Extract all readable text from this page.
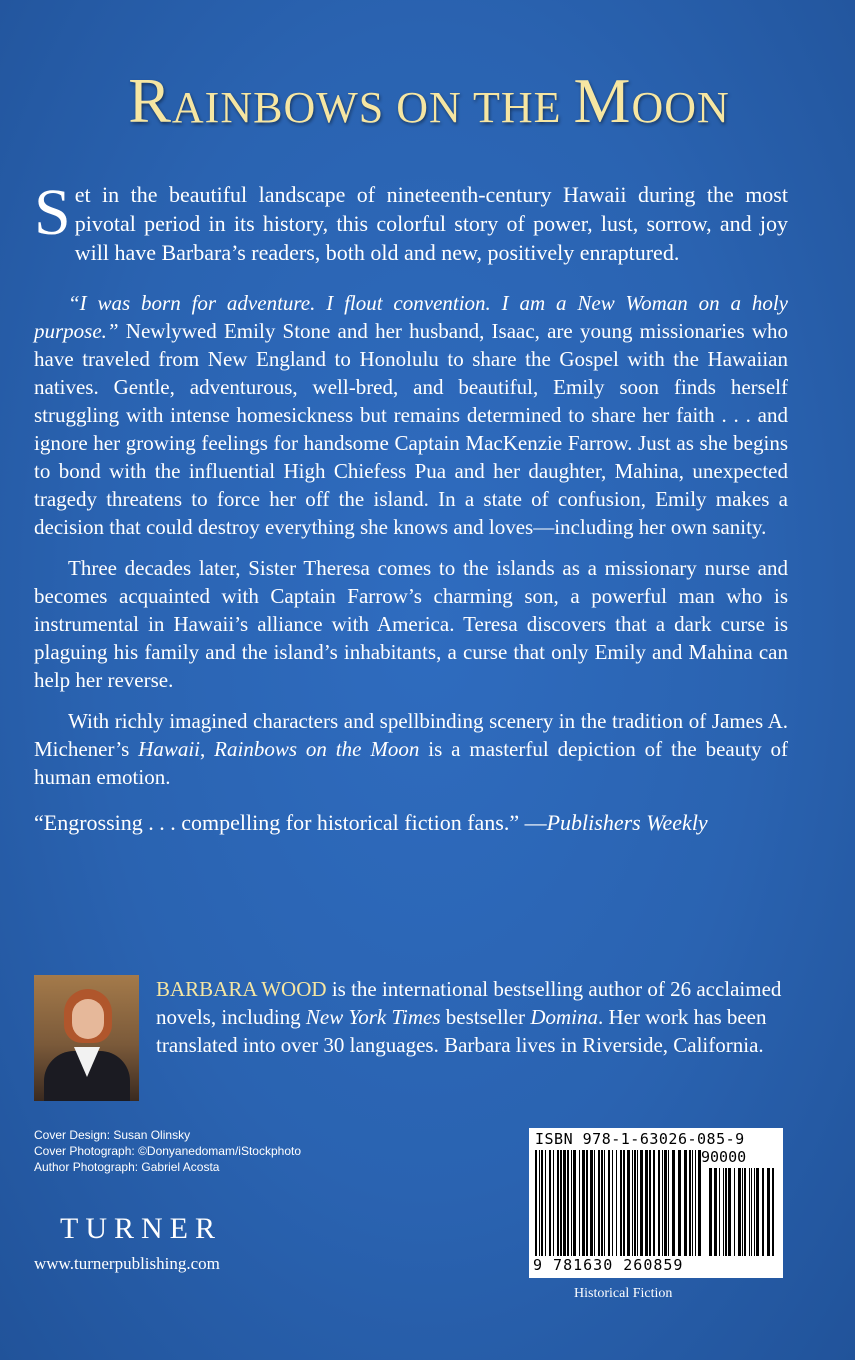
RAINBOWS ON THE MOON

Set in the beautiful landscape of nineteenth-century Hawaii during the most pivotal period in its history, this colorful story of power, lust, sorrow, and joy will have Barbara’s readers, both old and new, positively enraptured.

“I was born for adventure. I flout convention. I am a New Woman on a holy purpose.” Newlywed Emily Stone and her husband, Isaac, are young missionaries who have traveled from New England to Honolulu to share the Gospel with the Hawaiian natives. Gentle, adventurous, well-bred, and beautiful, Emily soon finds herself struggling with intense homesickness but remains determined to share her faith . . . and ignore her growing feelings for handsome Captain MacKenzie Farrow. Just as she begins to bond with the influential High Chiefess Pua and her daughter, Mahina, unexpected tragedy threatens to force her off the island. In a state of confusion, Emily makes a decision that could destroy everything she knows and loves—including her own sanity.

Three decades later, Sister Theresa comes to the islands as a missionary nurse and becomes acquainted with Captain Farrow’s charming son, a powerful man who is instrumental in Hawaii’s alliance with America. Teresa discovers that a dark curse is plaguing his family and the island’s inhabitants, a curse that only Emily and Mahina can help her reverse.

With richly imagined characters and spellbinding scenery in the tradition of James A. Michener’s Hawaii, Rainbows on the Moon is a masterful depiction of the beauty of human emotion.

“Engrossing . . . compelling for historical fiction fans.” —Publishers Weekly

BARBARA WOOD is the international bestselling author of 26 acclaimed novels, including New York Times bestseller Domina. Her work has been translated into over 30 languages. Barbara lives in Riverside, California.
Cover Design: Susan Olinsky
Cover Photograph: ©Donyanedomam/iStockphoto
Author Photograph: Gabriel Acosta
TURNER
www.turnerpublishing.com
ISBN 978-1-63026-085-9
90000
9 781630 260859
Historical Fiction
